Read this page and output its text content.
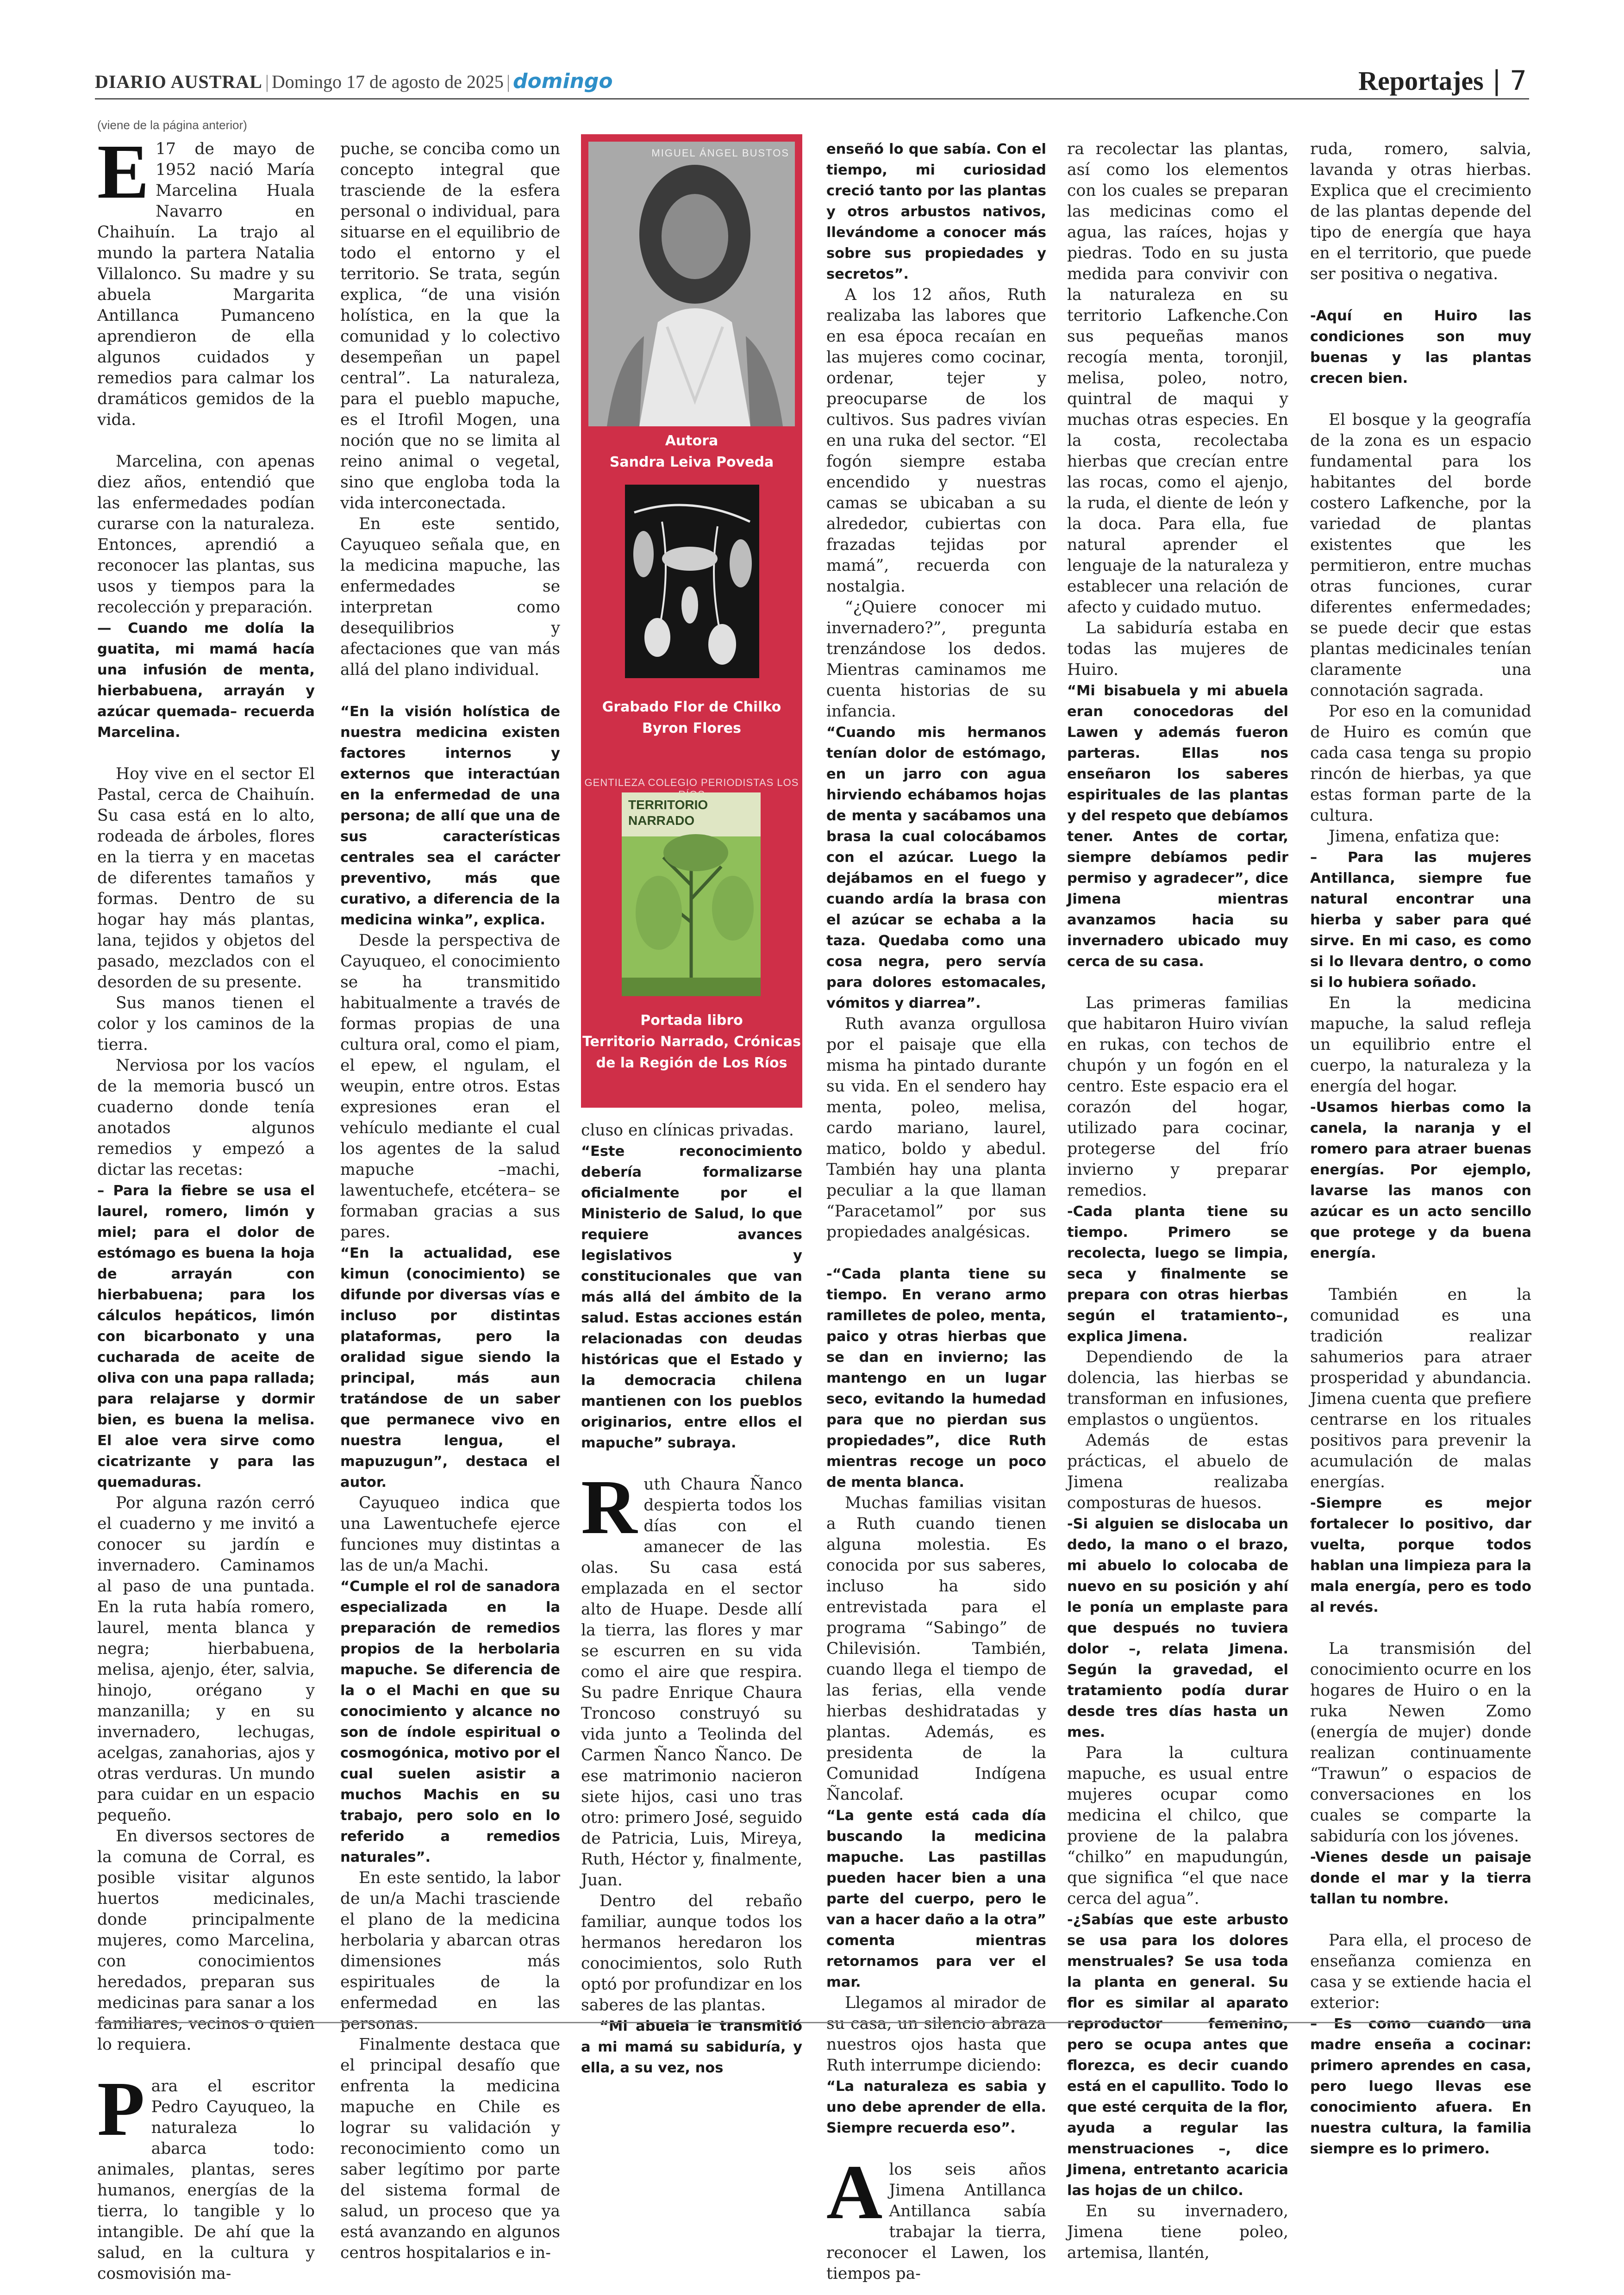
DIARIO AUSTRAL | Domingo 17 de agosto de 2025 | domingo	Reportajes | 7
(viene de la página anterior)

E 17 de mayo de 1952 nació María Marcelina Huala Navarro en Chaihuín. La trajo al mundo la partera Natalia Villalonco. Su madre y su abuela Margarita Antillanca Pumanceno aprendieron de ella algunos cuidados y remedios para calmar los dramáticos gemidos de la vida.

Marcelina, con apenas diez años, entendió que las enfermedades podían curarse con la naturaleza. Entonces, aprendió a reconocer las plantas, sus usos y tiempos para la recolección y preparación.

— Cuando me dolía la guatita, mi mamá hacía una infusión de menta, hierbabuena, arrayán y azúcar quemada– recuerda Marcelina.

Hoy vive en el sector El Pastal, cerca de Chaihuín. Su casa está en lo alto, rodeada de árboles, flores en la tierra y en macetas de diferentes tamaños y formas. Dentro de su hogar hay más plantas, lana, tejidos y objetos del pasado, mezclados con el desorden de su presente.

Sus manos tienen el color y los caminos de la tierra.

Nerviosa por los vacíos de la memoria buscó un cuaderno donde tenía anotados algunos remedios y empezó a dictar las recetas:

– Para la fiebre se usa el laurel, romero, limón y miel; para el dolor de estómago es buena la hoja de arrayán con hierbabuena; para los cálculos hepáticos, limón con bicarbonato y una cucharada de aceite de oliva con una papa rallada; para relajarse y dormir bien, es buena la melisa. El aloe vera sirve como cicatrizante y para las quemaduras.

Por alguna razón cerró el cuaderno y me invitó a conocer su jardín e invernadero. Caminamos al paso de una puntada. En la ruta había romero, laurel, menta blanca y negra; hierbabuena, melisa, ajenjo, éter, salvia, hinojo, orégano y manzanilla; y en su invernadero, lechugas, acelgas, zanahorias, ajos y otras verduras. Un mundo para cuidar en un espacio pequeño.

En diversos sectores de la comuna de Corral, es posible visitar algunos huertos medicinales, donde principalmente mujeres, como Marcelina, con conocimientos heredados, preparan sus medicinas para sanar a los familiares, vecinos o quien lo requiera.

Para el escritor Pedro Cayuqueo, la naturaleza lo abarca todo: animales, plantas, seres humanos, energías de la tierra, lo tangible y lo intangible. De ahí que la salud, en la cultura y cosmovisión ma-

puche, se conciba como un concepto integral que trasciende de la esfera personal o individual, para situarse en el equilibrio de todo el entorno y el territorio. Se trata, según explica, “de una visión holística, en la que la comunidad y lo colectivo desempeñan un papel central”. La naturaleza, para el pueblo mapuche, es el Itrofil Mogen, una noción que no se limita al reino animal o vegetal, sino que engloba toda la vida interconectada.

En este sentido, Cayuqueo señala que, en la medicina mapuche, las enfermedades se interpretan como desequilibrios y afectaciones que van más allá del plano individual.

“En la visión holística de nuestra medicina existen factores internos y externos que interactúan en la enfermedad de una persona; de allí que una de sus características centrales sea el carácter preventivo, más que curativo, a diferencia de la medicina winka”, explica.

Desde la perspectiva de Cayuqueo, el conocimiento se ha transmitido habitualmente a través de formas propias de una cultura oral, como el piam, el epew, el ngulam, el weupin, entre otros. Estas expresiones eran el vehículo mediante el cual los agentes de la salud mapuche –machi, lawentuchefe, etcétera– se formaban gracias a sus pares.

“En la actualidad, ese kimun (conocimiento) se difunde por diversas vías e incluso por distintas plataformas, pero la oralidad sigue siendo la principal, más aun tratándose de un saber que permanece vivo en nuestra lengua, el mapuzugun”, destaca el autor.

Cayuqueo indica que una Lawentuchefe ejerce funciones muy distintas a las de un/a Machi.

“Cumple el rol de sanadora especializada en la preparación de remedios propios de la herbolaria mapuche. Se diferencia de la o el Machi en que su conocimiento y alcance no son de índole espiritual o cosmogónica, motivo por el cual suelen asistir a muchos Machis en su trabajo, pero solo en lo referido a remedios naturales”.

En este sentido, la labor de un/a Machi trasciende el plano de la medicina herbolaria y abarcan otras dimensiones más espirituales de la enfermedad en las personas.

Finalmente destaca que el principal desafío que enfrenta la medicina mapuche en Chile es lograr su validación y reconocimiento como un saber legítimo por parte del sistema formal de salud, un proceso que ya está avanzando en algunos centros hospitalarios e in-

MIGUEL ÁNGEL BUSTOS
Autora
Sandra Leiva Poveda
Grabado Flor de Chilko
Byron Flores
GENTILEZA COLEGIO PERIODISTAS LOS
TERRITORIO
NARRADO
Portada libro
Territorio Narrado, Crónicas
de la Región de Los Ríos

cluso en clínicas privadas.

“Este reconocimiento debería formalizarse oficialmente por el Ministerio de Salud, lo que requiere avances legislativos y constitucionales que van más allá del ámbito de la salud. Estas acciones están relacionadas con deudas históricas que el Estado y la democracia chilena mantienen con los pueblos originarios, entre ellos el mapuche” subraya.

Ruth Chaura Ñanco despierta todos los días con el amanecer de las olas. Su casa está emplazada en el sector alto de Huape. Desde allí la tierra, las flores y mar se escurren en su vida como el aire que respira. Su padre Enrique Chaura Troncoso construyó su vida junto a Teolinda del Carmen Ñanco Ñanco. De ese matrimonio nacieron siete hijos, casi uno tras otro: primero José, seguido de Patricia, Luis, Mireya, Ruth, Héctor y, finalmente, Juan.

Dentro del rebaño familiar, aunque todos los hermanos heredaron los conocimientos, solo Ruth optó por profundizar en los saberes de las plantas.

“Mi abuela le transmitió a mi mamá su sabiduría, y ella, a su vez, nos

enseñó lo que sabía. Con el tiempo, mi curiosidad creció tanto por las plantas y otros arbustos nativos, llevándome a conocer más sobre sus propiedades y secretos”.

A los 12 años, Ruth realizaba las labores que en esa época recaían en las mujeres como cocinar, ordenar, tejer y preocuparse de los cultivos. Sus padres vivían en una ruka del sector. “El fogón siempre estaba encendido y nuestras camas se ubicaban a su alrededor, cubiertas con frazadas tejidas por mamá”, recuerda con nostalgia.

“¿Quiere conocer mi invernadero?”, pregunta trenzándose los dedos. Mientras caminamos me cuenta historias de su infancia.

“Cuando mis hermanos tenían dolor de estómago, en un jarro con agua hirviendo echábamos hojas de menta y sacábamos una brasa la cual colocábamos con el azúcar. Luego la dejábamos en el fuego y cuando ardía la brasa con el azúcar se echaba a la taza. Quedaba como una cosa negra, pero servía para dolores estomacales, vómitos y diarrea”.

Ruth avanza orgullosa por el paisaje que ella misma ha pintado durante su vida. En el sendero hay menta, poleo, melisa, cardo mariano, laurel, matico, boldo y abedul. También hay una planta peculiar a la que llaman “Paracetamol” por sus propiedades analgésicas.

-“Cada planta tiene su tiempo. En verano armo ramilletes de poleo, menta, paico y otras hierbas que se dan en invierno; las mantengo en un lugar seco, evitando la humedad para que no pierdan sus propiedades”, dice Ruth mientras recoge un poco de menta blanca.

Muchas familias visitan a Ruth cuando tienen alguna molestia. Es conocida por sus saberes, incluso ha sido entrevistada para el programa “Sabingo” de Chilevisión. También, cuando llega el tiempo de las ferias, ella vende hierbas deshidratadas y plantas. Además, es presidenta de la Comunidad Indígena Ñancolaf.

“La gente está cada día buscando la medicina mapuche. Las pastillas pueden hacer bien a una parte del cuerpo, pero le van a hacer daño a la otra” comenta mientras retornamos para ver el mar.

Llegamos al mirador de su casa, un silencio abraza nuestros ojos hasta que Ruth interrumpe diciendo:

“La naturaleza es sabia y uno debe aprender de ella. Siempre recuerda eso”.

Alos seis años Jimena Antillanca Antillanca sabía trabajar la tierra, reconocer el Lawen, los tiempos pa-

ra recolectar las plantas, así como los elementos con los cuales se preparan las medicinas como el agua, las raíces, hojas y piedras. Todo en su justa medida para convivir con la naturaleza en su territorio Lafkenche.Con sus pequeñas manos recogía menta, toronjil, melisa, poleo, notro, quintral de maqui y muchas otras especies. En la costa, recolectaba hierbas que crecían entre las rocas, como el ajenjo, la ruda, el diente de león y la doca. Para ella, fue natural aprender el lenguaje de la naturaleza y establecer una relación de afecto y cuidado mutuo.

La sabiduría estaba en todas las mujeres de Huiro.

“Mi bisabuela y mi abuela eran conocedoras del Lawen y además fueron parteras. Ellas nos enseñaron los saberes espirituales de las plantas y del respeto que debíamos tener. Antes de cortar, siempre debíamos pedir permiso y agradecer”, dice Jimena mientras avanzamos hacia su invernadero ubicado muy cerca de su casa.

Las primeras familias que habitaron Huiro vivían en rukas, con techos de chupón y un fogón en el centro. Este espacio era el corazón del hogar, utilizado para cocinar, protegerse del frío invierno y preparar remedios.

-Cada planta tiene su tiempo. Primero se recolecta, luego se limpia, seca y finalmente se prepara con otras hierbas según el tratamiento–, explica Jimena.

Dependiendo de la dolencia, las hierbas se transforman en infusiones, emplastos o ungüentos.

Además de estas prácticas, el abuelo de Jimena realizaba composturas de huesos.

-Si alguien se dislocaba un dedo, la mano o el brazo, mi abuelo lo colocaba de nuevo en su posición y ahí le ponía un emplaste para que después no tuviera dolor –, relata Jimena. Según la gravedad, el tratamiento podía durar desde tres días hasta un mes.

Para la cultura mapuche, es usual entre mujeres ocupar como medicina el chilco, que proviene de la palabra “chilko” en mapudungún, que significa “el que nace cerca del agua”.

-¿Sabías que este arbusto se usa para los dolores menstruales? Se usa toda la planta en general. Su flor es similar al aparato reproductor femenino, pero se ocupa antes que florezca, es decir cuando está en el capullito. Todo lo que esté cerquita de la flor, ayuda a regular las menstruaciones –, dice Jimena, entretanto acaricia las hojas de un chilco.

En su invernadero, Jimena tiene poleo, artemisa, llantén,

ruda, romero, salvia, lavanda y otras hierbas. Explica que el crecimiento de las plantas depende del tipo de energía que haya en el territorio, que puede ser positiva o negativa.

-Aquí en Huiro las condiciones son muy buenas y las plantas crecen bien.

El bosque y la geografía de la zona es un espacio fundamental para los habitantes del borde costero Lafkenche, por la variedad de plantas existentes que les permitieron, entre muchas otras funciones, curar diferentes enfermedades; se puede decir que estas plantas medicinales tenían claramente una connotación sagrada.

Por eso en la comunidad de Huiro es común que cada casa tenga su propio rincón de hierbas, ya que estas forman parte de la cultura.

Jimena, enfatiza que:

– Para las mujeres Antillanca, siempre fue natural encontrar una hierba y saber para qué sirve. En mi caso, es como si lo llevara dentro, o como si lo hubiera soñado.

En la medicina mapuche, la salud refleja un equilibrio entre el cuerpo, la naturaleza y la energía del hogar.

-Usamos hierbas como la canela, la naranja y el romero para atraer buenas energías. Por ejemplo, lavarse las manos con azúcar es un acto sencillo que protege y da buena energía.

También en la comunidad es una tradición realizar sahumerios para atraer prosperidad y abundancia. Jimena cuenta que prefiere centrarse en los rituales positivos para prevenir la acumulación de malas energías.

-Siempre es mejor fortalecer lo positivo, dar vuelta, porque todos hablan una limpieza para la mala energía, pero es todo al revés.

La transmisión del conocimiento ocurre en los hogares de Huiro o en la ruka Newen Zomo (energía de mujer) donde realizan continuamente “Trawun” o espacios de conversaciones en los cuales se comparte la sabiduría con los jóvenes.

-Vienes desde un paisaje donde el mar y la tierra tallan tu nombre.

Para ella, el proceso de enseñanza comienza en casa y se extiende hacia el exterior:

– Es como cuando una madre enseña a cocinar: primero aprendes en casa, pero luego llevas ese conocimiento afuera. En nuestra cultura, la familia siempre es lo primero.
